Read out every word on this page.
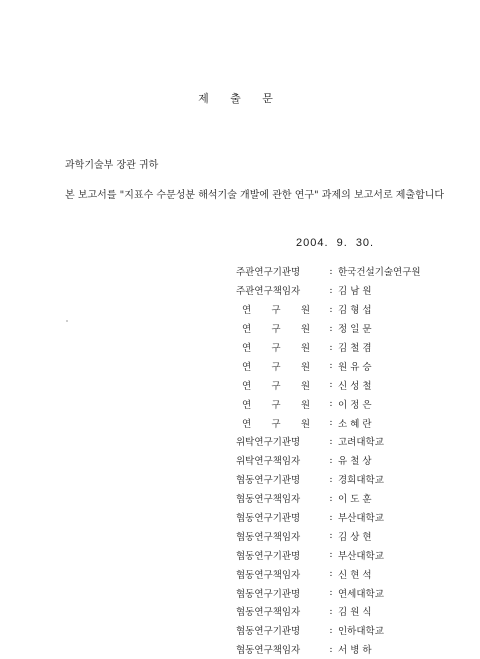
제 출 문
과학기술부 장관 귀하
본 보고서를 "지표수 수문성분 해석기술 개발에 관한 연구" 과제의 보고서로 제출합니다
2004. 9. 30.
주관연구기관명	: 한국건설기술연구원
주관연구책임자	: 김 남 원
연 구 원	: 김 형 섭
연 구 원	: 정 일 문
연 구 원	: 김 철 겸
연 구 원	: 원 유 승
연 구 원	: 신 성 철
연 구 원	: 이 정 은
연 구 원	: 소 혜 란
위탁연구기관명	: 고려대학교
위탁연구책임자	: 유 철 상
협동연구기관명	: 경희대학교
협동연구책임자	: 이 도 훈
협동연구기관명	: 부산대학교
협동연구책임자	: 김 상 현
협동연구기관명	: 부산대학교
협동연구책임자	: 신 현 석
협동연구기관명	: 연세대학교
협동연구책임자	: 김 원 식
협동연구기관명	: 인하대학교
협동연구책임자	: 서 병 하
